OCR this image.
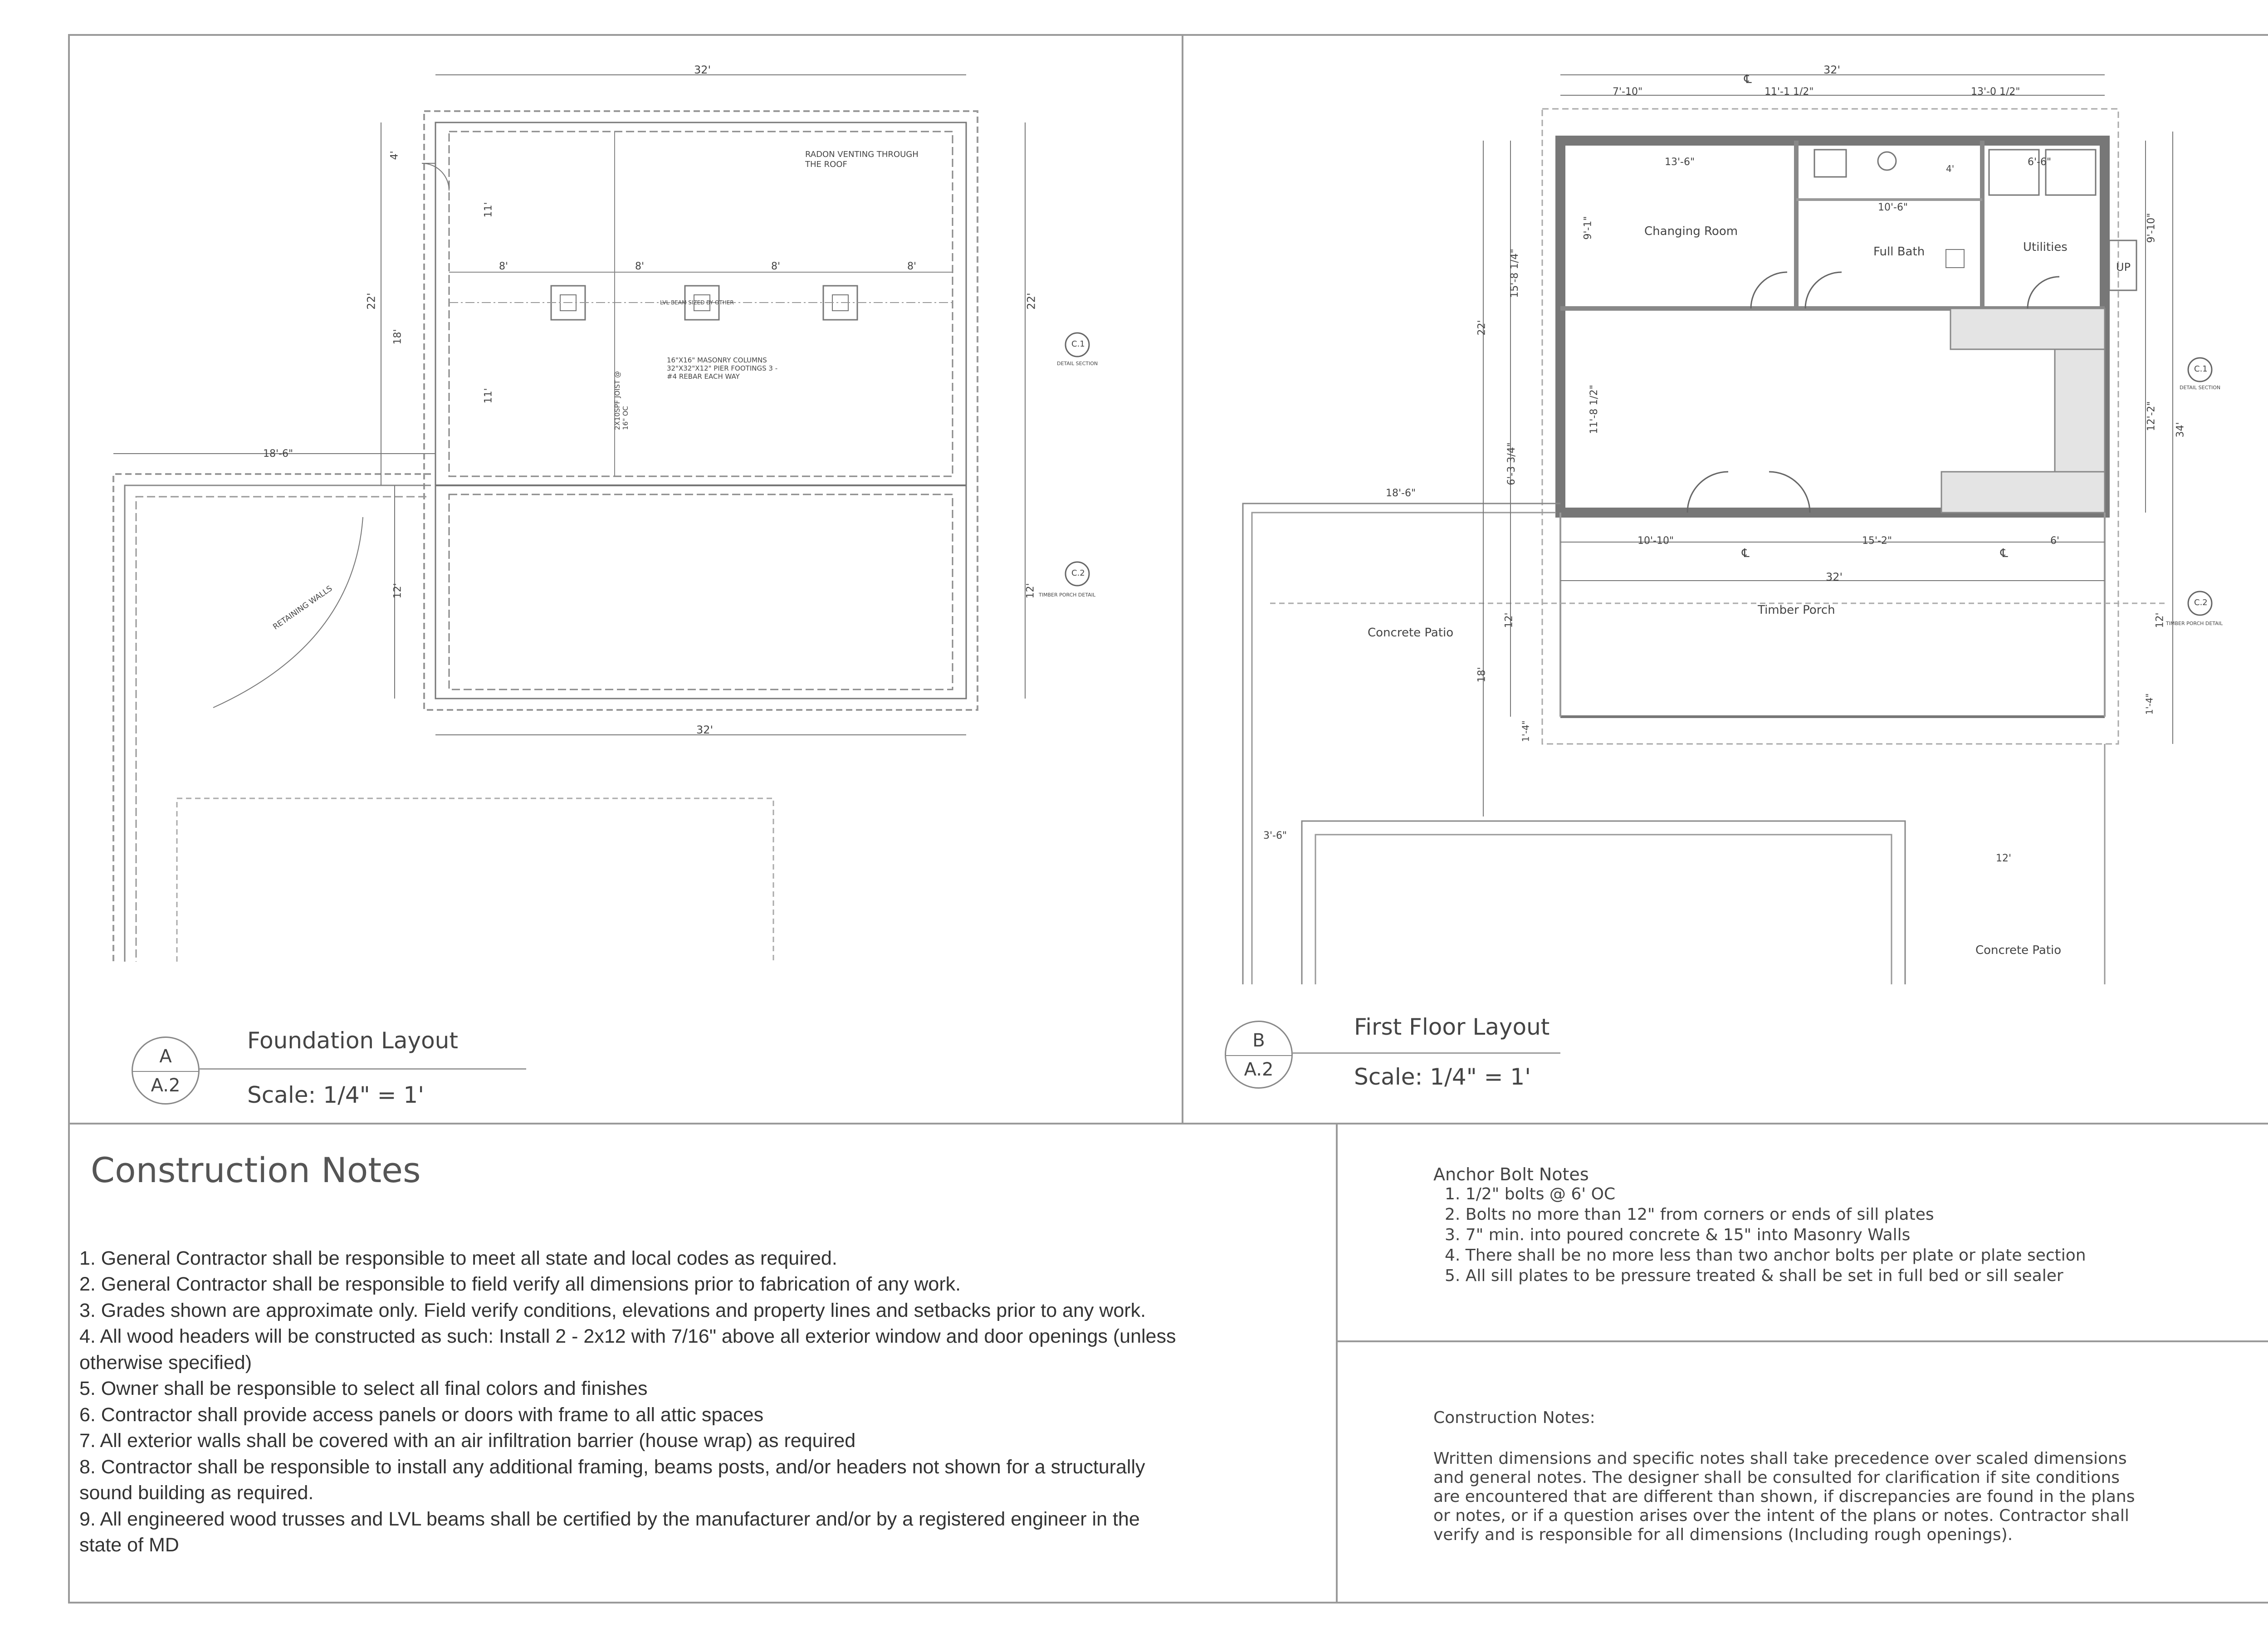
32'
32'
22'
4'
18'
22'
11'
11'
8'	8'	8'	8'
18'-6"
12'	12'
RADON VENTING THROUGH THE ROOF
16"X16" MASONRY COLUMNS 32"X32"X12" PIER FOOTINGS 3 - #4 REBAR EACH WAY
2X10SPF JOIST @ 16" OC
LVL BEAM SIZED BY OTHER
RETAINING WALLS
C.1
DETAIL SECTION
C.2
TIMBER PORCH DETAIL
A
A.2
Foundation Layout
Scale: 1/4" = 1'
32'
7'-10"	11'-1 1/2"	13'-0 1/2"
℄
13'-6"
10'-6"
4'
6'-6"
22'
15'-8 1/4"
6'-3 3/4"
9'-1"
11'-8 1/2"
9'-10"
12'-2" 34'
10'-10"	15'-2"	6'
32'
℄	℄
12'	12'
18'-6"
18'
1'-4"
1'-4"
3'-6"
12'
Changing Room
Full Bath	Utilities
UP
Timber Porch
Concrete Patio
Concrete Patio
C.1
DETAIL SECTION
C.2
TIMBER PORCH DETAIL
B
A.2
First Floor Layout
Scale: 1/4" = 1'
Construction Notes
1. General Contractor shall be responsible to meet all state and local codes as required.
2. General Contractor shall be responsible to field verify all dimensions prior to fabrication of any work.
3. Grades shown are approximate only. Field verify conditions, elevations and property lines and setbacks prior to any work.
4. All wood headers will be constructed as such: Install 2 - 2x12 with 7/16" above all exterior window and door openings (unless
otherwise specified)
5. Owner shall be responsible to select all final colors and finishes
6. Contractor shall provide access panels or doors with frame to all attic spaces
7. All exterior walls shall be covered with an air infiltration barrier (house wrap) as required
8. Contractor shall be responsible to install any additional framing, beams posts, and/or headers not shown for a structurally
sound building as required.
9. All engineered wood trusses and LVL beams shall be certified by the manufacturer and/or by a registered engineer in the
state of MD
Anchor Bolt Notes
1. 1/2" bolts @ 6' OC
2. Bolts no more than 12" from corners or ends of sill plates
3. 7" min. into poured concrete & 15" into Masonry Walls
4. There shall be no more less than two anchor bolts per plate or plate section
5. All sill plates to be pressure treated & shall be set in full bed or sill sealer
Construction Notes:
Written dimensions and specific notes shall take precedence over scaled dimensions
and general notes. The designer shall be consulted for clarification if site conditions
are encountered that are different than shown, if discrepancies are found in the plans
or notes, or if a question arises over the intent of the plans or notes. Contractor shall
verify and is responsible for all dimensions (Including rough openings).
